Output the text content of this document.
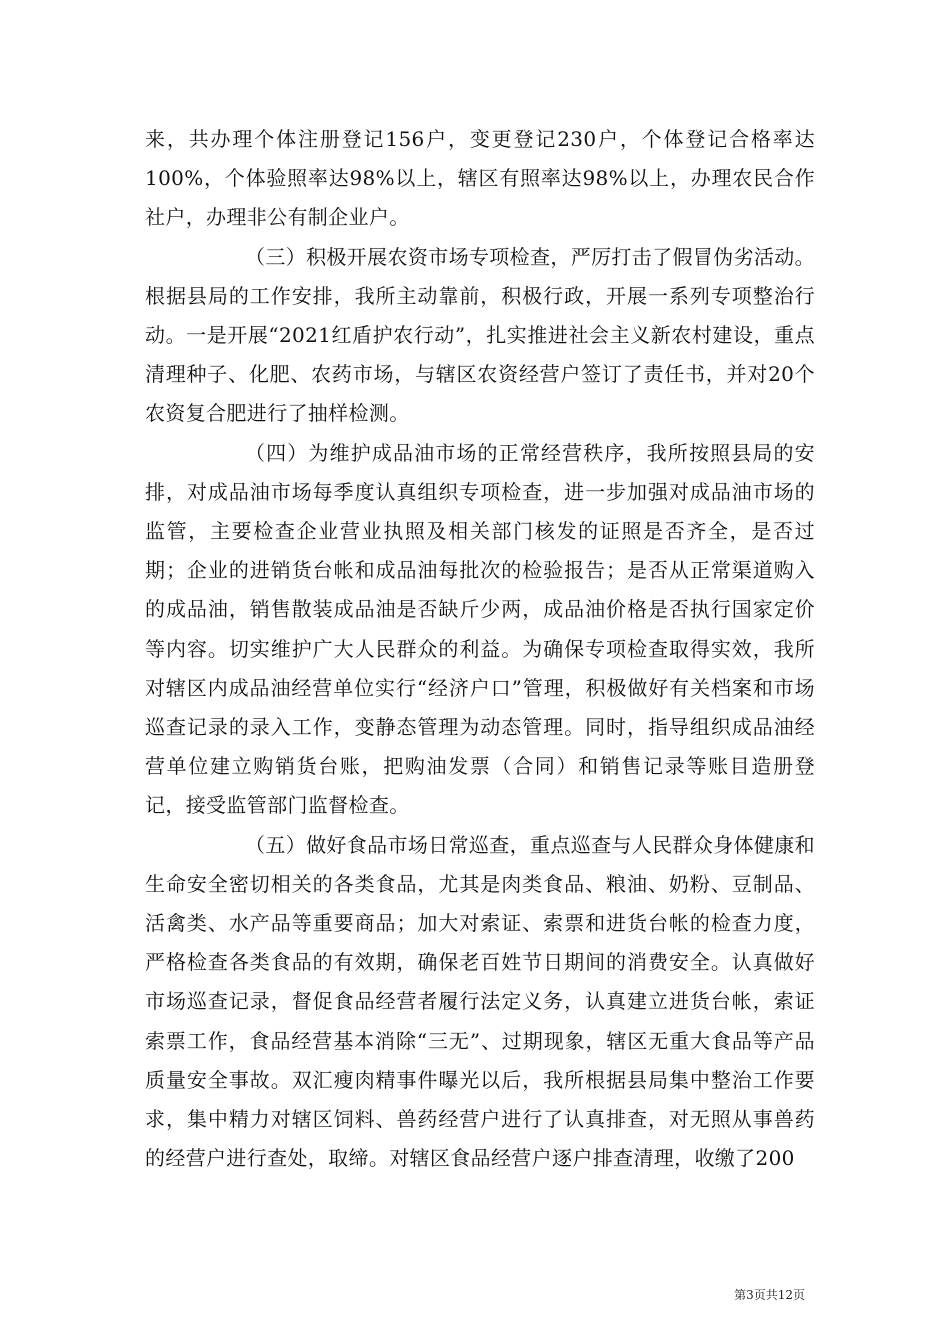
来，共办理个体注册登记156户，变更登记230户，个体登记合格率达100%，个体验照率达98%以上，辖区有照率达98%以上，办理农民合作社户，办理非公有制企业户。

（三）积极开展农资市场专项检查，严厉打击了假冒伪劣活动。根据县局的工作安排，我所主动靠前，积极行政，开展一系列专项整治行动。一是开展“2021红盾护农行动”，扎实推进社会主义新农村建设，重点清理种子、化肥、农药市场，与辖区农资经营户签订了责任书，并对20个农资复合肥进行了抽样检测。

（四）为维护成品油市场的正常经营秩序，我所按照县局的安排，对成品油市场每季度认真组织专项检查，进一步加强对成品油市场的监管，主要检查企业营业执照及相关部门核发的证照是否齐全，是否过期；企业的进销货台帐和成品油每批次的检验报告；是否从正常渠道购入的成品油，销售散装成品油是否缺斤少两，成品油价格是否执行国家定价等内容。切实维护广大人民群众的利益。为确保专项检查取得实效，我所对辖区内成品油经营单位实行“经济户口”管理，积极做好有关档案和市场巡查记录的录入工作，变静态管理为动态管理。同时，指导组织成品油经营单位建立购销货台账，把购油发票（合同）和销售记录等账目造册登记，接受监管部门监督检查。

（五）做好食品市场日常巡查，重点巡查与人民群众身体健康和生命安全密切相关的各类食品，尤其是肉类食品、粮油、奶粉、豆制品、活禽类、水产品等重要商品；加大对索证、索票和进货台帐的检查力度，严格检查各类食品的有效期，确保老百姓节日期间的消费安全。认真做好市场巡查记录，督促食品经营者履行法定义务，认真建立进货台帐，索证索票工作，食品经营基本消除“三无”、过期现象，辖区无重大食品等产品质量安全事故。双汇瘦肉精事件曝光以后，我所根据县局集中整治工作要求，集中精力对辖区饲料、兽药经营户进行了认真排查，对无照从事兽药的经营户进行查处，取缔。对辖区食品经营户逐户排查清理，收缴了200

第3页共12页
